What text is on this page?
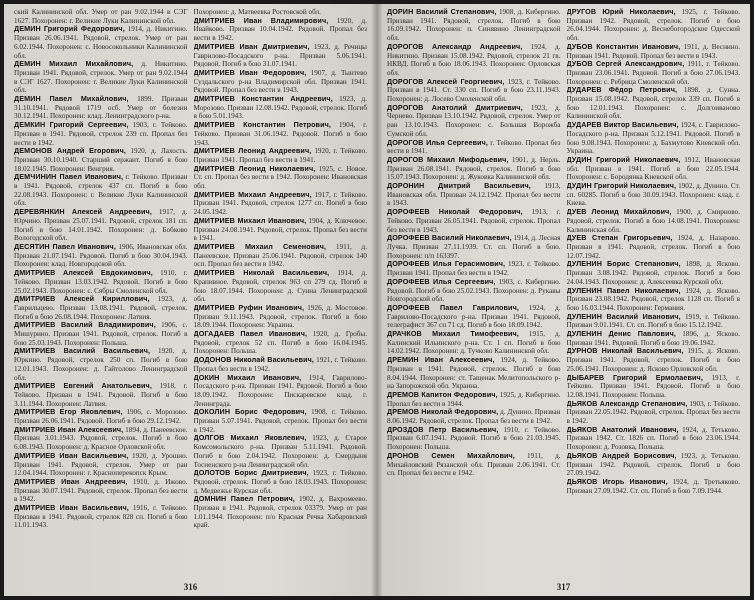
ский Калининской обл. Умер от ран 9.02.1944 в СЭГ 1627. Похоронен: г. Великие Луки Калининской обл.

ДЕМИН Григорий Федорович, 1914, д. Никитино. Призван 26.06.1941. Рядовой, стрелок. Умер от ран 6.02.1944. Похоронен: с. Новосокольники Калининской обл.

ДЕМИН Михаил Михайлович, д. Никитино. Призван 1941. Рядовой, стрелок. Умер от ран 9.02.1944 в СЭГ 1627. Похоронен: г. Великие Луки Калининской обл.

ДЕМИН Павел Михайлович, 1899. Призван 31.10.1941. Рядовой 1719 осб. Умер от болезни 30.12.1941. Похоронен: клад. Ленинградского р-на.

ДЕМКИН Григорий Сергеевич, 1903, г. Тейково. Призван в 1941. Рядовой, стрелок 239 сп. Пропал без вести в 1942.

ДЕМОНОВ Андрей Егорович, 1920, д. Лахость. Призван 30.10.1940. Старший сержант. Погиб в бою 18.02.1945. Похоронен: Венгрия.

ДЕМЧИНИН Павел Иванович, г. Тейково. Призван в 1941. Рядовой, стрелок 437 сп. Погиб в бою 22.08.1943. Похоронен: г. Великие Луки Калининской обл.

ДЕРЕВЯНКИН Алексей Андреевич, 1917, д. Юрчино. Призван 25.07.1941. Рядовой, стрелок 181 сп. Погиб в бою 14.01.1942. Похоронен: д. Бобково Вологодской обл.

ДЕСЯТИН Павел Иванович, 1906, Ивановская обл. Призван 21.07.1941. Рядовой. Погиб в бою 30.04.1943. Похоронен: клад. Новгородской обл.

ДМИТРИЕВ Алексей Евдокимович, 1910, г. Тейково. Призван 13.03.1942. Рядовой. Погиб в бою 25.02.1943. Похоронен: с. Сябры Смоленской обл.

ДМИТРИЕВ Алексей Кириллович, 1923, д. Гаврильцево. Призван 13.08.1941. Рядовой, стрелок. Погиб в бою 26.08.1944. Похоронен: Латвия.

ДМИТРИЕВ Василий Владимирович, 1906, с. Мишурино. Призван 1941. Рядовой, стрелок. Погиб в бою 25.03.1943. Похоронен: Польша.

ДМИТРИЕВ Василий Васильевич, 1920, д. Юркино. Рядовой, стрелок 250 сп. Погиб в бою 12.01.1943. Похоронен: д. Гайтолово Ленинградской обл.

ДМИТРИЕВ Евгений Анатольевич, 1918, г. Тейково. Призван в 1941. Рядовой. Погиб в бою 3.11.1944. Похоронен: Латвия.

ДМИТРИЕВ Егор Яковлевич, 1906, с. Морозово. Призван 26.06.1941. Рядовой. Погиб в бою 29.12.1942.

ДМИТРИЕВ Иван Алексеевич, 1894, д. Панеевское. Призван 3.01.1943. Рядовой, стрелок. Погиб в бою 6.08.1943. Похоронен: д. Красное Орловской обл.

ДМИТРИЕВ Иван Васильевич, 1920, д. Урошно. Призван 1941. Рядовой, стрелок. Умер от ран 12.04.1944. Похоронен: г. Красноперекопск Крым.

ДМИТРИЕВ Иван Андреевич, 1910, д. Ижово. Призван 30.07.1941. Рядовой, стрелок. Пропал без вести в 1942.

ДМИТРИЕВ Иван Васильевич, 1916, г. Тейково. Призван в 1941. Рядовой, стрелок 828 сп. Погиб в бою 11.01.1943.

Похоронен: д. Матвеевка Ростовской обл.

ДМИТРИЕВ Иван Владимирович, 1920, д. Ивайково. Призван 10.04.1942. Рядовой. Пропал без вести в 1942.

ДМИТРИЕВ Иван Дмитриевич, 1923, д. Речицы Гаврилово-Посадского р-на. Призван 5.06.1941. Рядовой. Погиб в бою 31.07.1941.

ДМИТРИЕВ Иван Федорович, 1907, д. Тынтево Суздальского р-на Владимирской обл. Призван 1941. Рядовой. Пропал без вести в 1943.

ДМИТРИЕВ Константин Андреевич, 1923, д. Морозово. Призван 12.08.1942. Рядовой, стрелок. Погиб в бою 5.01.1943.

ДМИТРИЕВ Константин Петрович, 1904, г. Тейково. Призван 31.06.1942. Рядовой. Погиб в бою 1943.

ДМИТРИЕВ Леонид Андреевич, 1920, г. Тейково. Призван 1941. Пропал без вести в 1941.

ДМИТРИЕВ Леонид Николаевич, 1925, с. Новое. Ст. сп. Пропал без вести в 1942. Похоронен: Ивановская обл.

ДМИТРИЕВ Михаил Андреевич, 1917, г. Тейково. Призван 1941. Рядовой, стрелок 1277 сп. Погиб в бою 24.05.1942.

ДМИТРИЕВ Михаил Иванович, 1904, д. Ключевое. Призван 24.08.1941. Рядовой, стрелок. Пропал без вести в 1941.

ДМИТРИЕВ Михаил Семенович, 1911, д. Панеевское. Призван 25.06.1941. Рядовой, стрелок 140 осп. Пропал без вести в 1942.

ДМИТРИЕВ Николай Васильевич, 1914, д. Крапивное. Рядовой, стрелок 963 сп 279 сд. Погиб в бою 18.07.1944. Похоронен: д. Сунна Ленинградской обл.

ДМИТРИЕВ Руфин Иванович, 1926, д. Мостовое. Призван 9.11.1943. Рядовой, стрелок. Погиб в бою 18.09.1944. Похоронен: Украина.

ДОГАДАЕВ Павел Иванович, 1920, д. Гробы. Рядовой, стрелок 52 сп. Погиб в бою 16.04.1945. Похоронен: Польша.

ДОДОНОВ Николай Васильевич, 1921, г. Тейково. Пропал без вести в 1942.

ДОКИН Михаил Иванович, 1914, Гаврилово-Посадского р-на. Призван 1941. Рядовой. Погиб в бою 18.09.1942. Похоронен: Пискаревское клад. г. Ленинграда.

ДОКОЛИН Борис Федорович, 1908, г. Тейково. Призван 5.07.1941. Рядовой, стрелок. Пропал без вести в 1942.

ДОЛГОВ Михаил Яковлевич, 1923, д. Старое Комсомольского р-на. Призван 5.11.1941. Рядовой. Погиб в бою 2.04.1942. Похоронен: д. Смердыня Тосненского р-на Ленинградской обл.

ДОЛОТОВ Борис Дмитриевич, 1923, г. Тейково. Рядовой, стрелок. Погиб в бою 18.03.1943. Похоронен: д. Медвежье Курская обл.

ДОМНИН Павел Петрович, 1902, д. Вахромеево. Призван в 1941. Рядовой, стрелок 03379. Умер от ран 1.01.1944. Похоронен: п/о Красная Речка Хабаровский край.

316

ДОРИН Василий Степанович, 1908, д. Кибергино. Призван 1941. Рядовой, стрелок. Погиб в бою 16.09.1942. Похоронен: п. Синявино Ленинградской обл.

ДОРОГОВ Александр Андреевич, 1924, д. Никитино. Призван 15.08.1942. Рядовой, стрелок 21 гв. НКВД. Погиб в бою 18.06.1943. Похоронен: Орловская обл.

ДОРОГОВ Алексей Георгиевич, 1923, г. Тейково. Призван в 1941. Ст. 330 сп. Погиб в бою 23.11.1943. Похоронен: д. Лосево Смоленской обл.

ДОРОГОВ Анатолий Дмитриевич, 1923, д. Чернево. Призван 13.10.1942. Рядовой, стрелок. Умер от ран 13.10.1943. Похоронен: с. Большая Ворожба Сумской обл.

ДОРОГОВ Илья Сергеевич, г. Тейково. Пропал без вести в 1941.

ДОРОГОВ Михаил Мифодьевич, 1901, д. Нерль. Призван 26.08.1941. Рядовой, стрелок. Погиб в бою 15.07.1943. Похоронен: д. Жуковка Калининской обл.

ДОРОНИН Дмитрий Васильевич, 1913, Ивановская обл. Призван 24.12.1942. Пропал без вести в 1943.

ДОРОФЕЕВ Николай Федорович, 1913, г. Тейково. Призван 26.05.1941. Рядовой, стрелок. Пропал без вести в 1943.

ДОРОФЕЕВ Василий Николаевич, 1914, д. Лесная Лучка. Призван 27.11.1939. Ст. сп. Погиб в бою. Похоронен: п/п 163397.

ДОРОФЕЕВ Илья Герасимович, 1923, г. Тейково. Призван 1941. Пропал без вести в 1942.

ДОРОФЕЕВ Илья Сергеевич, 1903, с. Кибергино. Рядовой. Погиб в бою 25.02.1943. Похоронен: д. Рукавы Новгородской обл.

ДОРОФЕЕВ Павел Гаврилович, 1924, д. Гаврилово-Посадского р-на. Призван 1941. Рядовой, телеграфист 367 сп 71 сд. Погиб в бою 18.09.1942.

ДРАЧКОВ Михаил Тимофеевич, 1915, д. Калинский Ильинского р-на. Ст. 1 сп. Погиб в бою 14.02.1942. Похоронен: д. Тучково Калининской обл.

ДРЕМИН Иван Алексеевич, 1924, д. Тейково. Призван в 1941. Рядовой, стрелок. Погиб в бою 8.04.1944. Похоронен: ст. Тащенак Мелитопольского р-на Запорожской обл. Украина.

ДРЕМОВ Капитон Федорович, 1925, д. Кибергино. Пропал без вести в 1944.

ДРЕМОВ Николай Федорович, д. Дунино. Призван 8.06.1942. Рядовой, стрелок. Пропал без вести в 1942.

ДРОЗДОВ Петр Васильевич, 1910, г. Тейково. Призван 6.07.1941. Рядовой. Погиб в бою 21.03.1945. Похоронен: Польша.

ДРОНОВ Семен Михайлович, 1911, д. Михайловский Рязанской обл. Призван 2.06.1941. Ст. сп. Пропал без вести в 1942.

ДРУГОВ Юрий Николаевич, 1925, г. Тейково. Призван 1942. Рядовой, стрелок. Погиб в бою 26.04.1944. Похоронен: д. Веснебогородское Одесской обл.

ДУБОВ Константин Иванович, 1911, д. Веснино. Призван 1941. Рядовой. Пропал без вести в 1943.

ДУБОВ Сергей Александрович, 1911, г. Тейково. Призван 23.06.1941. Рядовой. Погиб в бою 27.06.1943. Похоронен: с. Ребрица Смоленской обл.

ДУДАРЕВ Фёдор Петрович, 1898, д. Сунна. Призван 15.08.1942. Рядовой, стрелок 339 сп. Погиб в бою 12.01.1943. Похоронен: с. Долгоиваново Калининской обл.

ДУДАРЕВ Виктор Васильевич, 1924, с. Гаврилово-Посадского р-на. Призван 5.12.1941. Рядовой. Погиб в бою 9.08.1943. Похоронен: д. Бахмутово Киевской обл. Украина.

ДУДИН Григорий Николаевич, 1912, Ивановская обл. Призван в 1941. Погиб в бою 22.05.1944. Похоронен: с. Бородянка Киевской обл.

ДУДИН Григорий Николаевич, 1902, д. Дунино. Ст. сп. 60285. Погиб в бою 30.09.1943. Похоронен: клад. г. Киева.

ДУЕВ Леонид Михайлович, 1900, д. Смирново. Рядовой, стрелок. Погиб в бою 14.08.1941. Похоронен: Калининская обл.

ДУЕВ Степан Григорьевич, 1924, д. Назарово. Призван в 1941. Рядовой, стрелок. Погиб в бою 12.07.1942.

ДУЛЕНИН Борис Степанович, 1898, д. Ясково. Призван 3.08.1942. Рядовой, стрелок. Погиб в бою 24.04.1943. Похоронен: д. Алексеевка Курской обл.

ДУЛЕНИН Павел Николаевич, 1924, д. Ясково. Призван 23.08.1942. Рядовой, стрелок 1128 сп. Погиб в бою 16.03.1944. Похоронен: Германия.

ДУЛЕНИН Василий Иванович, 1919, г. Тейково. Призван 9.01.1941. Ст. сп. Погиб в бою 15.12.1942.

ДУЛЕНИН Денис Павлович, 1896, д. Ясково. Призван 1941. Рядовой. Погиб в бою 19.06.1942.

ДУРНОВ Николай Васильевич, 1915, д. Ясково. Призван 1941. Рядовой, стрелок. Погиб в бою 25.06.1941. Похоронен: д. Ясково Орловской обл.

ДЫБАРЕВ Григорий Ермолаевич, 1913, г. Тейково. Призван 1941. Рядовой. Погиб в бою 12.08.1941. Похоронен: Польша.

ДЬЯКОВ Александр Степанович, 1903, г. Тейково. Призван 22.05.1942. Рядовой, стрелок. Пропал без вести в 1942.

ДЬЯКОВ Анатолий Иванович, 1924, д. Тетьково. Призван 1942. Ст. 1826 сп. Погиб в бою 23.06.1944. Похоронен: д. Розовка, Польша.

ДЬЯКОВ Андрей Борисович, 1923, д. Тетьково. Призван 1942. Рядовой, стрелок. Погиб в бою 27.09.1942.

ДЬЯКОВ Игорь Иванович, 1924, д. Третьяково. Призван 27.09.1942. Ст. сп. Погиб в бою 7.09.1944.

317
